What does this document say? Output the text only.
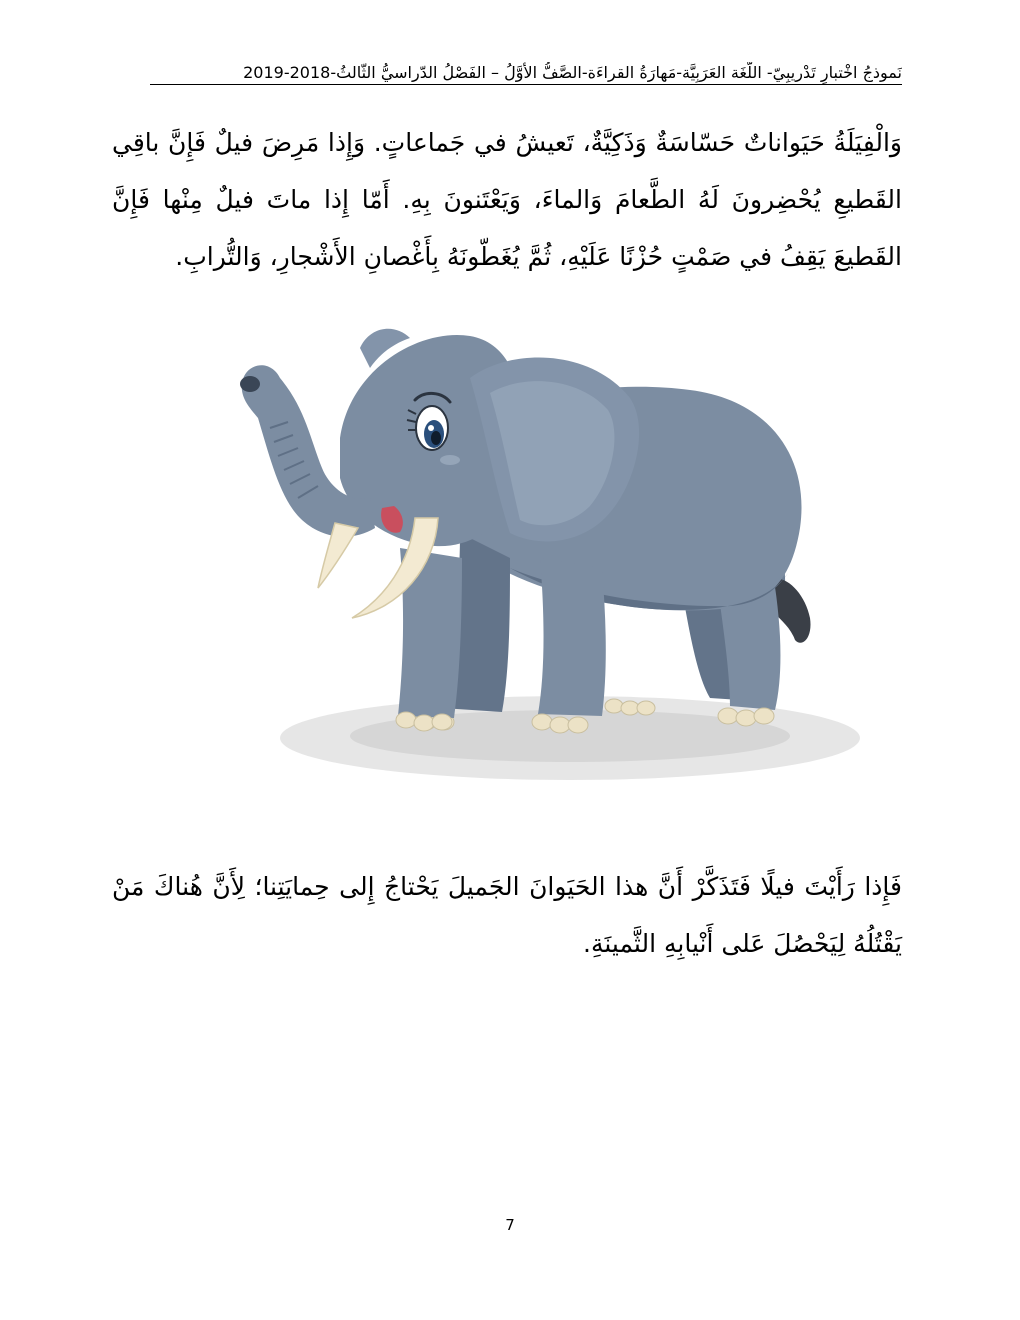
نَموذجُ اخْتبارٍ تَدْريبِيّ- اللُّغَة العَرَبِيَّة-مَهارَةُ القراءَة-الصَّفُّ الأَوَّلُ – الفَصْلُ الدّراسيُّ الثّالثُ-2018-2019
وَالْفِيَلَةُ حَيَواناتٌ حَسّاسَةٌ وَذَكِيَّةٌ، تَعيشُ في جَماعاتٍ. وَإِذا مَرِضَ فيلٌ فَإِنَّ باقِي القَطيعِ يُحْضِرونَ لَهُ الطَّعامَ وَالماءَ، وَيَعْتَنونَ بِهِ. أَمّا إِذا ماتَ فيلٌ مِنْها فَإِنَّ القَطيعَ يَقِفُ في صَمْتٍ حُزْنًا عَلَيْهِ، ثُمَّ يُغَطّونَهُ بِأَغْصانِ الأَشْجارِ، وَالتُّرابِ.
فَإِذا رَأَيْتَ فيلًا فَتَذَكَّرْ أَنَّ هذا الحَيَوانَ الجَميلَ يَحْتاجُ إِلى حِمايَتِنا؛ لِأَنَّ هُناكَ مَنْ يَقْتُلُهُ لِيَحْصُلَ عَلى أَنْيابِهِ الثَّمينَةِ.
7
